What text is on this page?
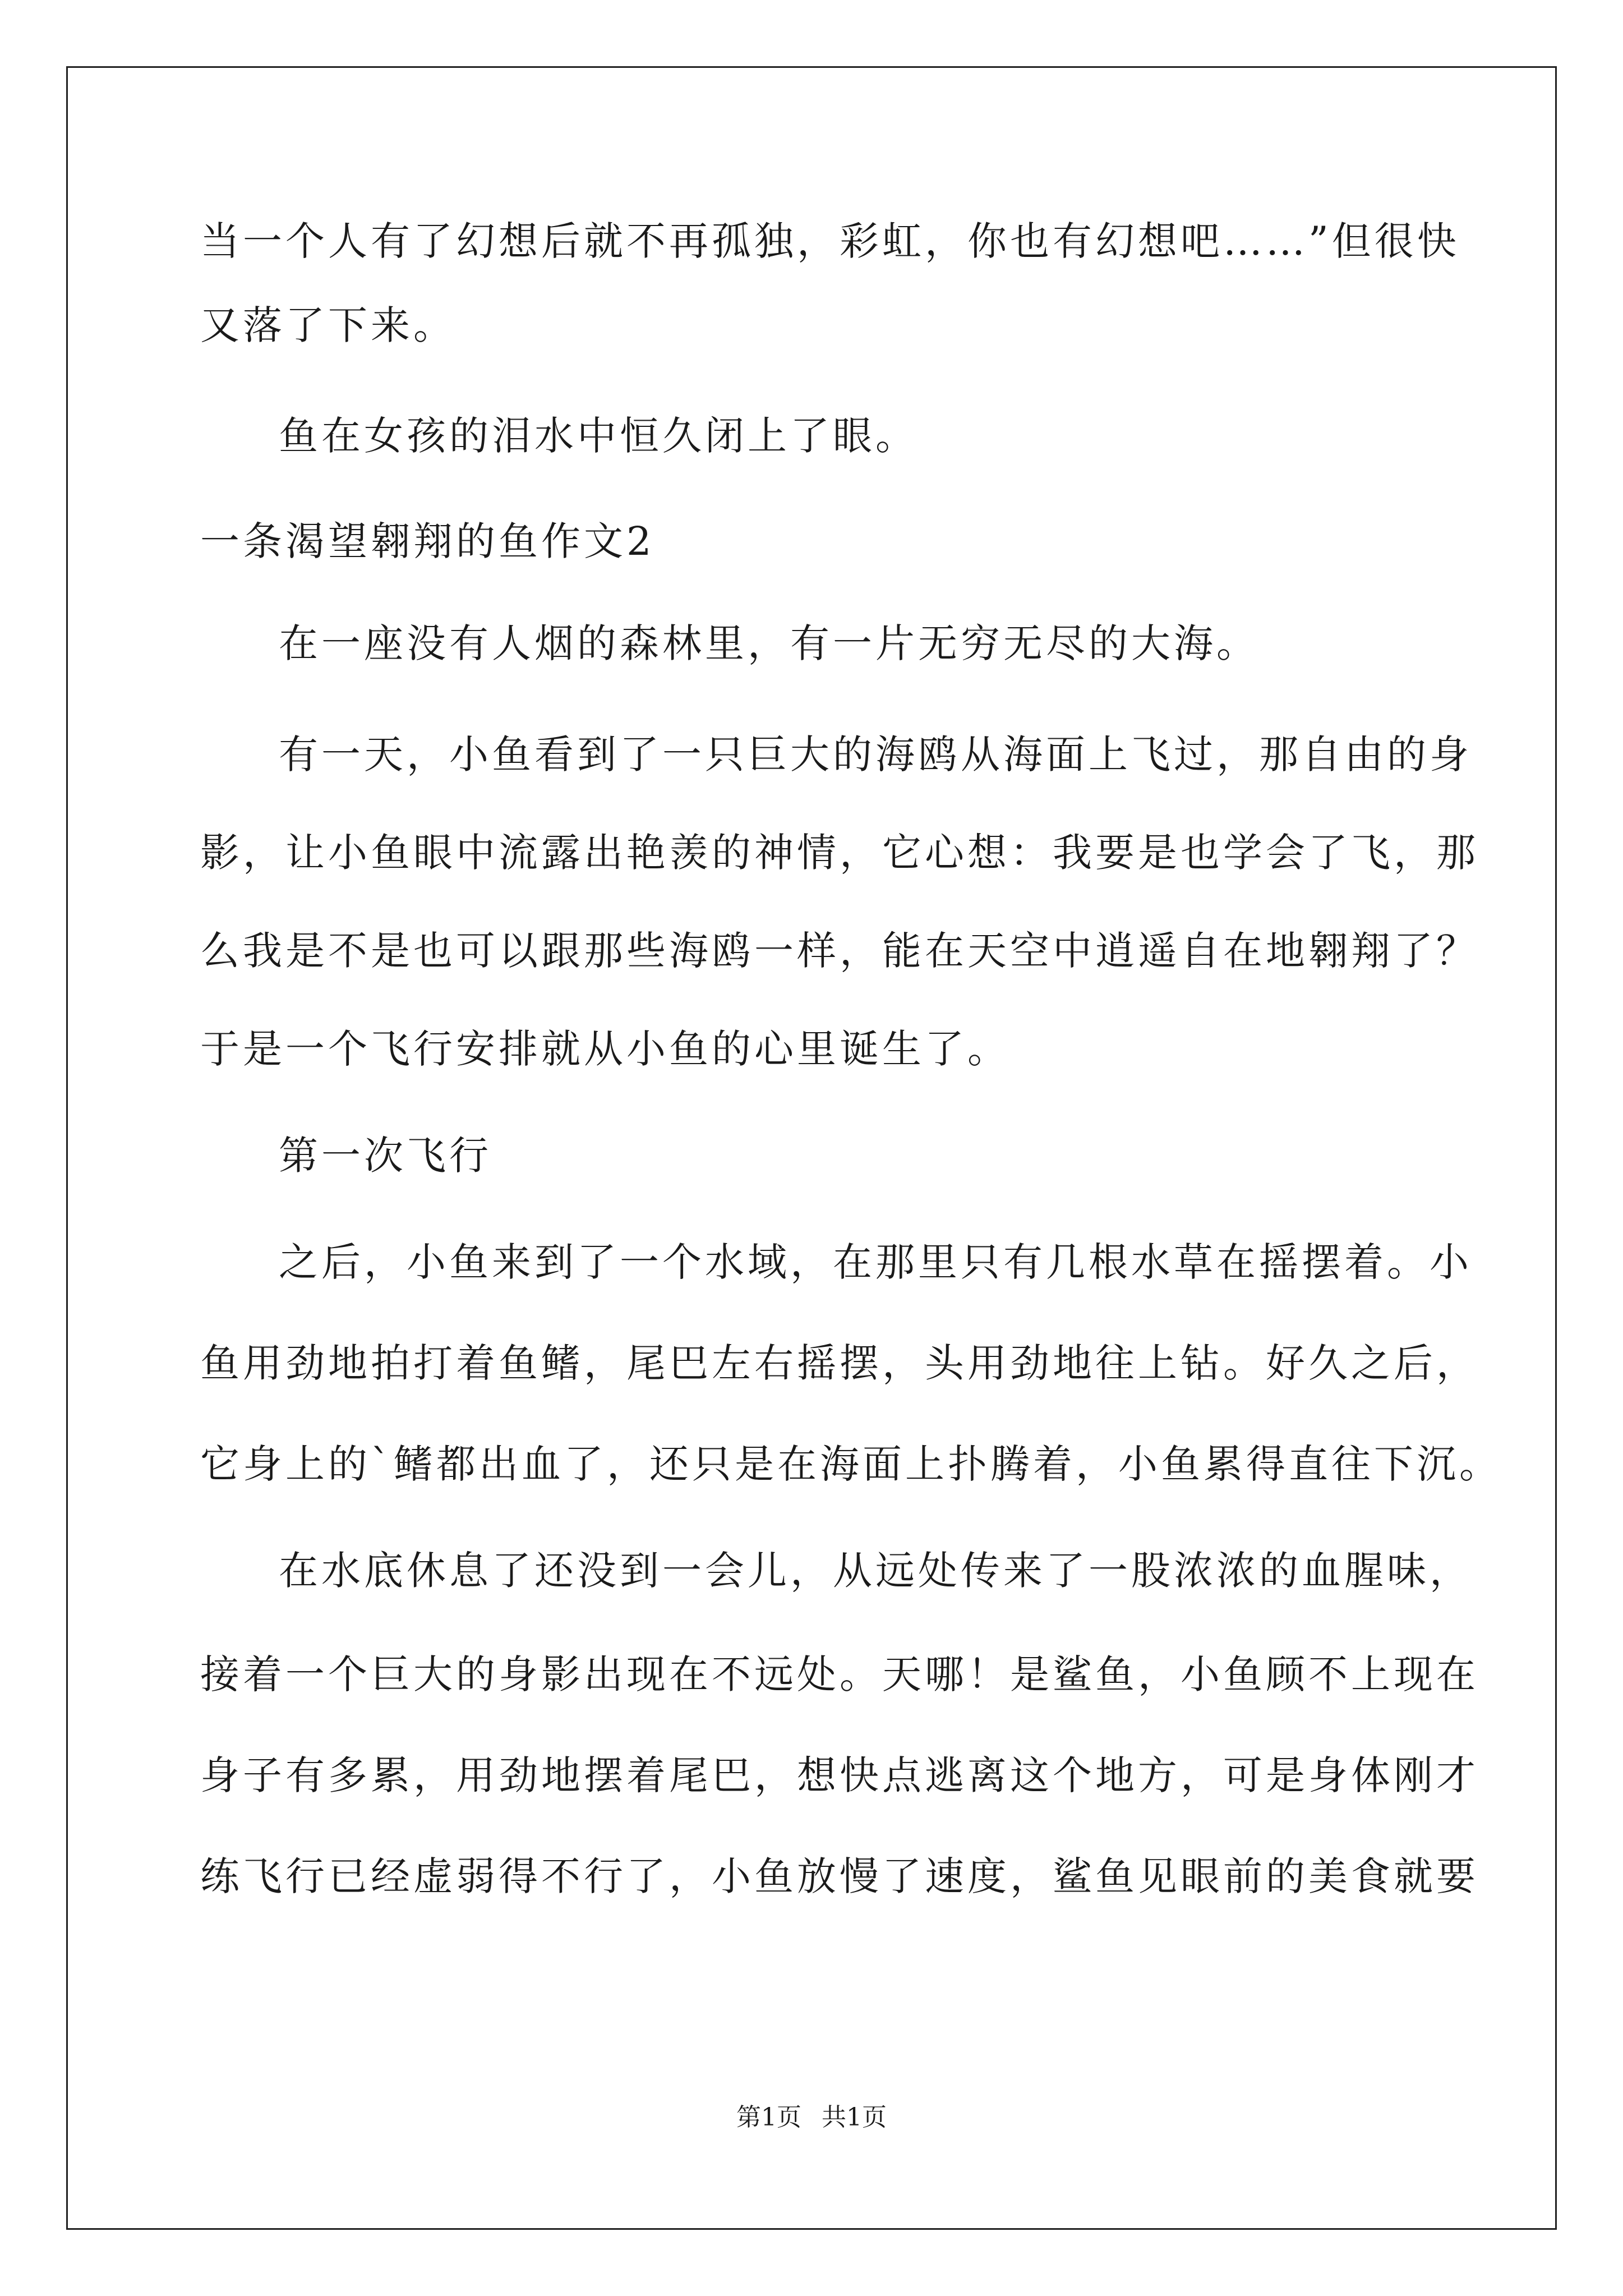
当一个人有了幻想后就不再孤独，彩虹，你也有幻想吧……”但很快
又落了下来。
鱼在女孩的泪水中恒久闭上了眼。
一条渴望翱翔的鱼作文2
在一座没有人烟的森林里，有一片无穷无尽的大海。
有一天，小鱼看到了一只巨大的海鸥从海面上飞过，那自由的身
影，让小鱼眼中流露出艳羡的神情，它心想：我要是也学会了飞，那
么我是不是也可以跟那些海鸥一样，能在天空中逍遥自在地翱翔了？
于是一个飞行安排就从小鱼的心里诞生了。
第一次飞行
之后，小鱼来到了一个水域，在那里只有几根水草在摇摆着。小
鱼用劲地拍打着鱼鳍，尾巴左右摇摆，头用劲地往上钻。好久之后，
它身上的`鳍都出血了，还只是在海面上扑腾着，小鱼累得直往下沉。
在水底休息了还没到一会儿，从远处传来了一股浓浓的血腥味，
接着一个巨大的身影出现在不远处。天哪！是鲨鱼，小鱼顾不上现在
身子有多累，用劲地摆着尾巴，想快点逃离这个地方，可是身体刚才
练飞行已经虚弱得不行了，小鱼放慢了速度，鲨鱼见眼前的美食就要
第1页 共1页
